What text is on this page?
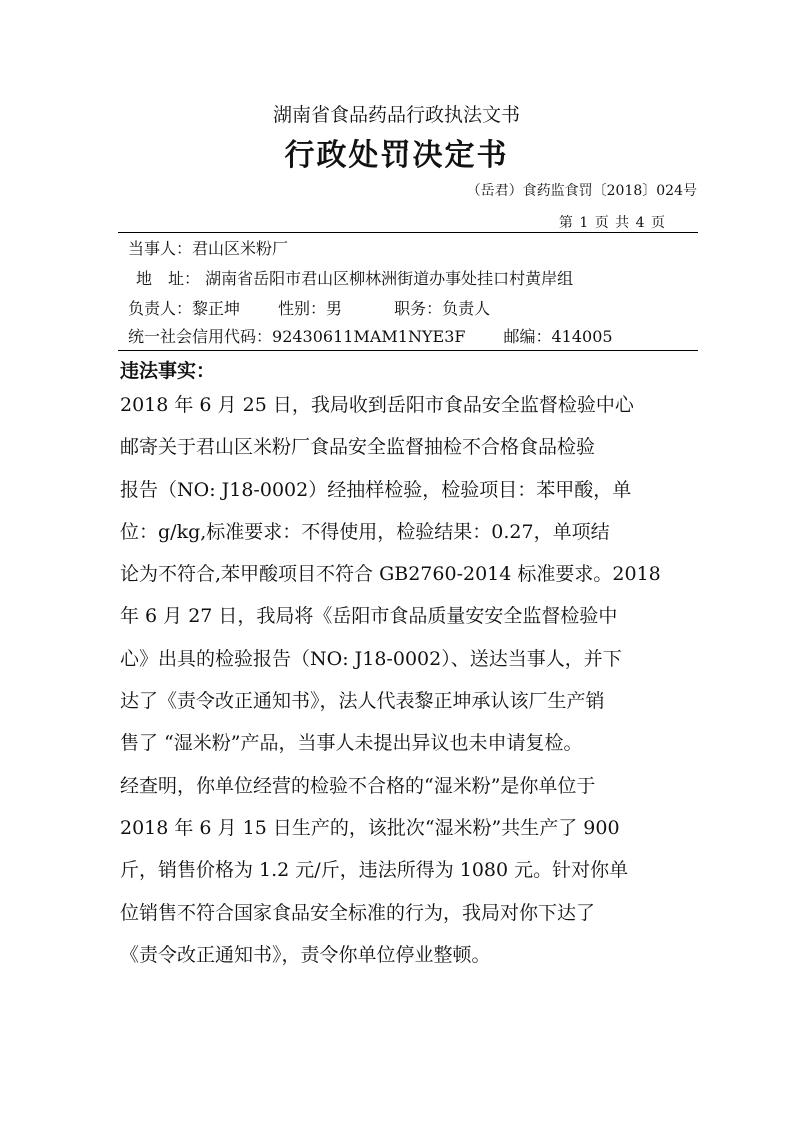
湖南省食品药品行政执法文书
行政处罚决定书
（岳君）食药监食罚〔2018〕024号
第 1 页 共 4 页
当事人：君山区米粉厂
地　址： 湖南省岳阳市君山区柳林洲街道办事处挂口村黄岸组
负责人：黎正坤 性别：男	职务：负责人
统一社会信用代码：92430611MAM1NYE3F 邮编：414005
违法事实：

2018 年 6 月 25 日，我局收到岳阳市食品安全监督检验中心

邮寄关于君山区米粉厂食品安全监督抽检不合格食品检验

报告（NO: J18-0002）经抽样检验，检验项目：苯甲酸，单

位：g/kg,标准要求：不得使用，检验结果：0.27，单项结

论为不符合,苯甲酸项目不符合 GB2760-2014 标准要求。2018

年 6 月 27 日，我局将《岳阳市食品质量安安全监督检验中

心》出具的检验报告（NO: J18-0002）、送达当事人，并下

达了《责令改正通知书》，法人代表黎正坤承认该厂生产销

售了 “湿米粉”产品，当事人未提出异议也未申请复检。

经查明，你单位经营的检验不合格的“湿米粉”是你单位于

2018 年 6 月 15 日生产的，该批次“湿米粉”共生产了 900

斤，销售价格为 1.2 元/斤，违法所得为 1080 元。针对你单

位销售不符合国家食品安全标准的行为，我局对你下达了

《责令改正通知书》，责令你单位停业整顿。
